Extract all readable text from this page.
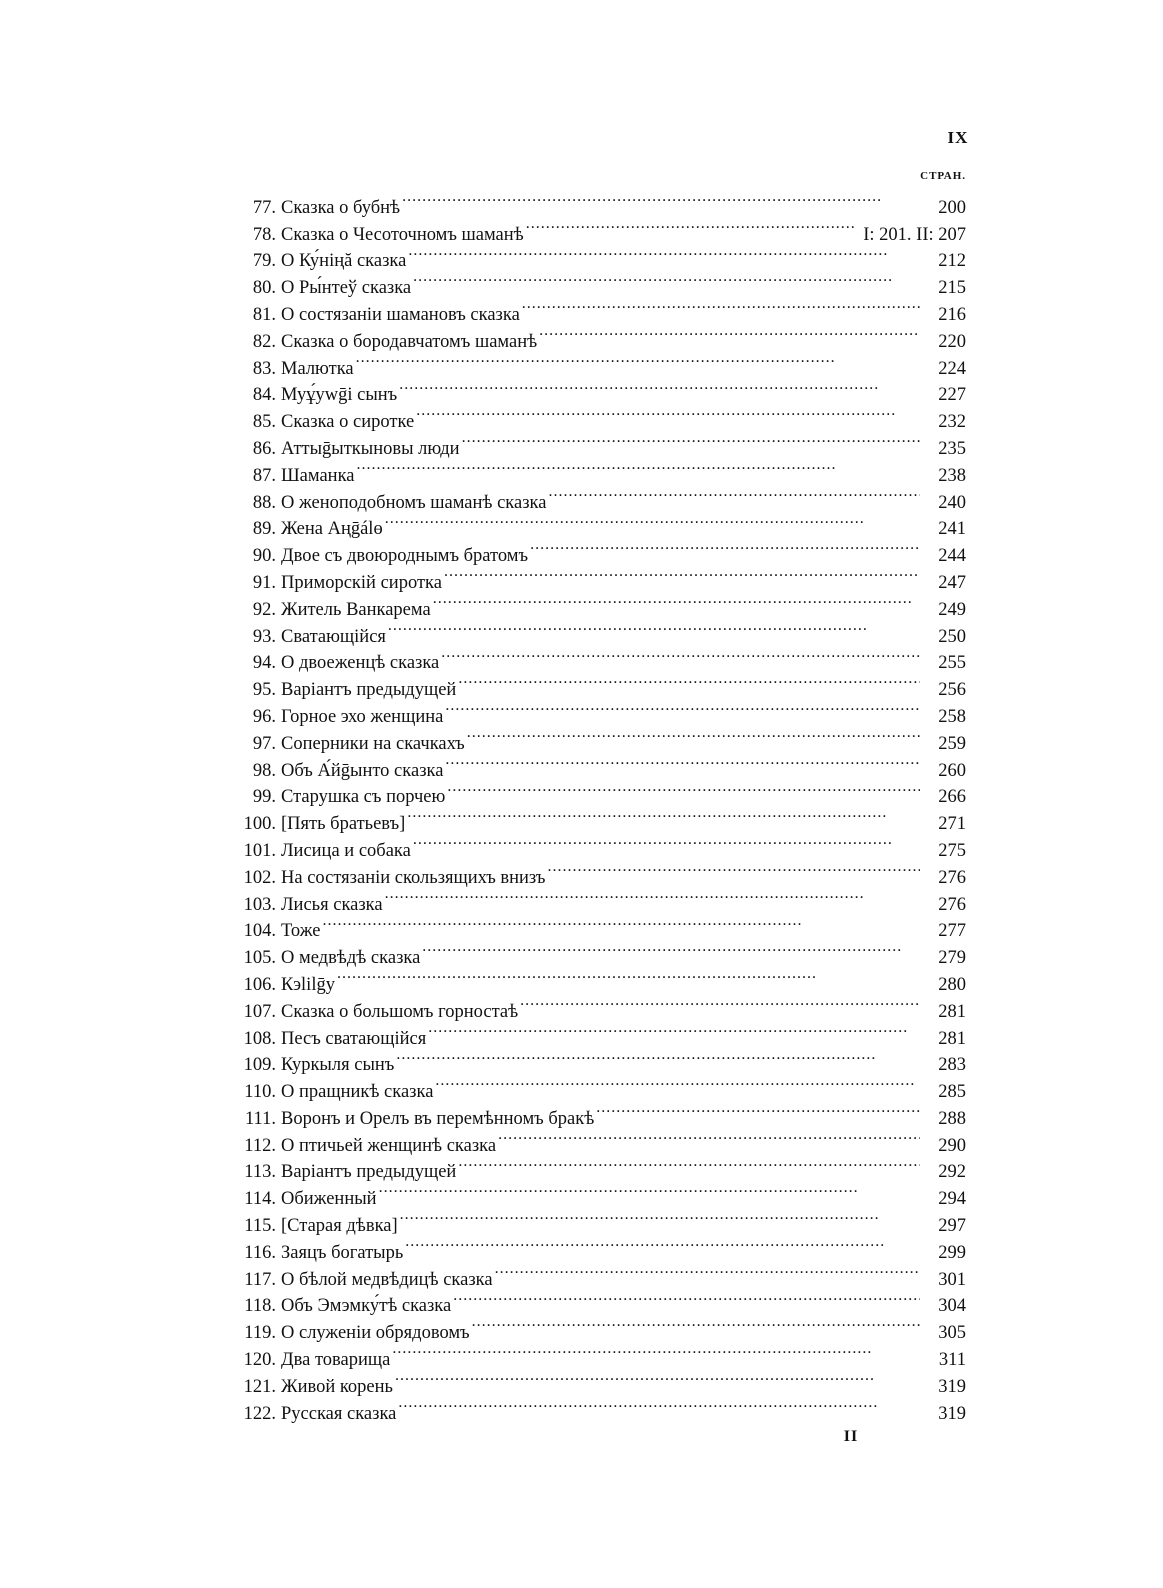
IX
СТРАН.
77. Сказка о бубнѣ . . .	200
78. Сказка о Чесоточномъ шаманѣ . . .	I: 201. II: 207
79. О Ку́нiңă сказка . . .	212
80. О Ры́нтеў сказка . . .	215
81. О состязанiи шамановъ сказка . . .	216
82. Сказка о бородавчатомъ шаманѣ . . .	220
83. Малютка . . .	224
84. Муұ́уwḡi сынъ . . .	227
85. Сказка о сиротке . . .	232
86. Аттыḡыткыновы люди . . .	235
87. Шаманка . . .	238
88. О женоподобномъ шаманѣ сказка . . .	240
89. Жена Аңḡálө . . .	241
90. Двое съ двоюроднымъ братомъ . . .	244
91. Приморскiй сиротка . . .	247
92. Житель Ванкарема . . .	249
93. Сватающiйся . . .	250
94. О двоеженцѣ сказка . . .	255
95. Варiантъ предыдущей . . .	256
96. Горное эхо женщина . . .	258
97. Соперники на скачкахъ . . .	259
98. Объ А́йḡынто сказка . . .	260
99. Старушка съ порчею . . .	266
100. [Пять братьевъ] . . .	271
101. Лисица и собака . . .	275
102. На состязанiи скользящихъ внизъ . . .	276
103. Лисья сказка . . .	276
104. Тоже . . .	277
105. О медвѣдѣ сказка . . .	279
106. Кэlilḡу . . .	280
107. Сказка о большомъ горностаѣ . . .	281
108. Песъ сватающiйся . . .	281
109. Куркыля сынъ . . .	283
110. О пращникѣ сказка . . .	285
111. Воронъ и Орелъ въ перемѣнномъ бракѣ . . .	288
112. О птичьей женщинѣ сказка . . .	290
113. Варiантъ предыдущей . . .	292
114. Обиженный . . .	294
115. [Старая дѣвка] . . .	297
116. Заяцъ богатырь . . .	299
117. О бѣлой медвѣдицѣ сказка . . .	301
118. Объ Эмэмку́тѣ сказка . . .	304
119. О служенiи обрядовомъ . . .	305
120. Два товарища . . .	311
121. Живой корень . . .	319
122. Русская сказка . . .	319
II
